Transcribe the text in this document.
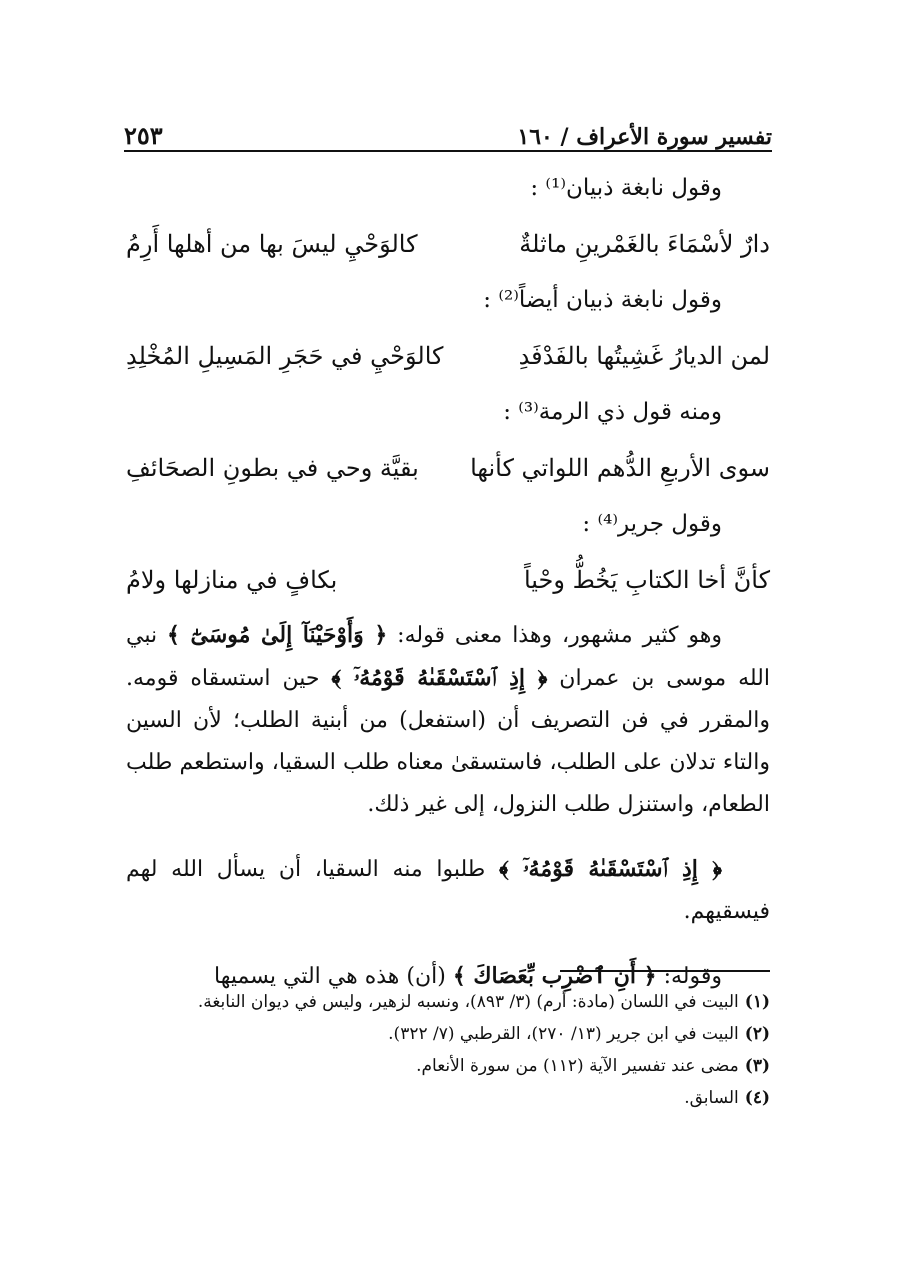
تفسير سورة الأعراف / ١٦٠
٢٥٣
وقول نابغة ذبيان⁽¹⁾ :
دارٌ لأسْمَاءَ بالغَمْرينِ ماثلةٌ
كالوَحْيِ ليسَ بها من أهلها أَرِمُ
وقول نابغة ذبيان أيضاً⁽²⁾ :
لمن الديارُ غَشِيتُها بالفَدْفَدِ
كالوَحْيِ في حَجَرِ المَسِيلِ المُخْلِدِ
ومنه قول ذي الرمة⁽³⁾ :
سوى الأربعِ الدُّهم اللواتي كأنها
بقيَّة وحي في بطونِ الصحَائفِ
وقول جرير⁽⁴⁾ :
كأنَّ أخا الكتابِ يَخُطُّ وحْياً
بكافٍ في منازلها ولامُ

وهو كثير مشهور، وهذا معنى قوله: ﴿ وَأَوْحَيْنَآ إِلَىٰ مُوسَىٰٓ ﴾ نبي الله موسى بن عمران ﴿ إِذِ ٱسْتَسْقَىٰهُ قَوْمُهُۥٓ ﴾ حين استسقاه قومه. والمقرر في فن التصريف أن (استفعل) من أبنية الطلب؛ لأن السين والتاء تدلان على الطلب، فاستسقىٰ معناه طلب السقيا، واستطعم طلب الطعام، واستنزل طلب النزول، إلى غير ذلك.

﴿ إِذِ ٱسْتَسْقَىٰهُ قَوْمُهُۥٓ ﴾ طلبوا منه السقيا، أن يسأل الله لهم فيسقيهم.

وقوله: ﴿ أَنِ ٱضْرِب بِّعَصَاكَ ﴾ (أن) هذه هي التي يسميها

(١)البيت في اللسان (مادة: أرم) (٣/ ٨٩٣)، ونسبه لزهير، وليس في ديوان النابغة.

(٢)البيت في ابن جرير (١٣/ ٢٧٠)، القرطبي (٧/ ٣٢٢).

(٣)مضى عند تفسير الآية (١١٢) من سورة الأنعام.

(٤)السابق.
